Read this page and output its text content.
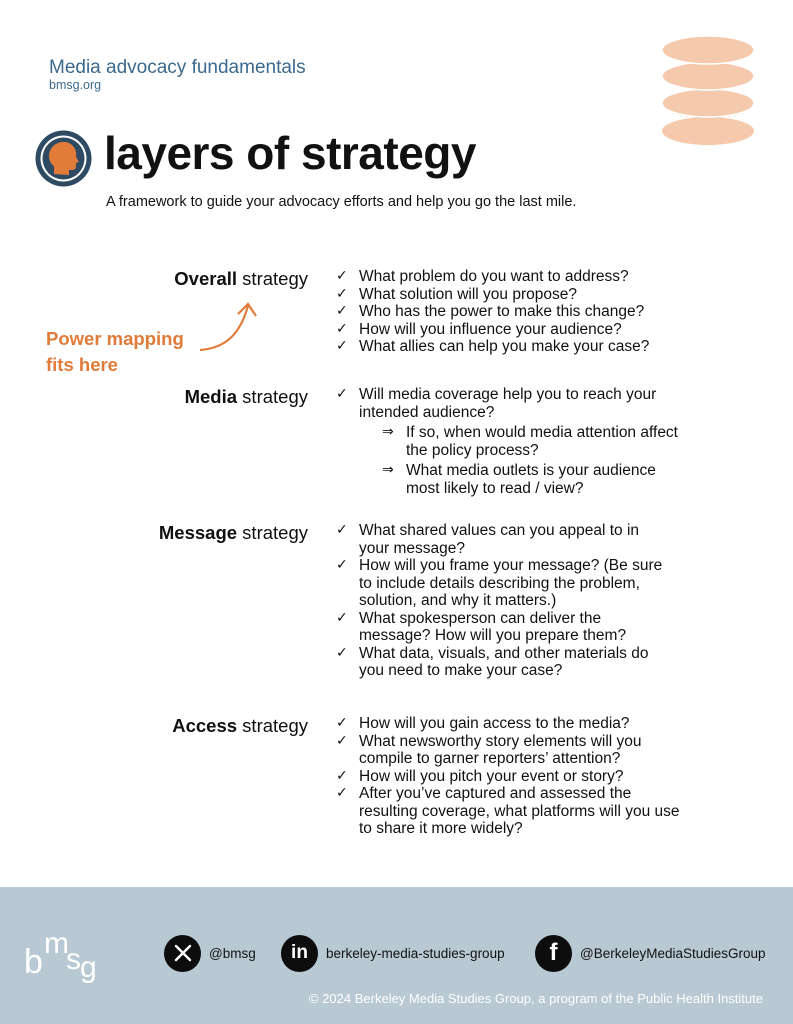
Media advocacy fundamentals
bmsg.org
layers of strategy
A framework to guide your advocacy efforts and help you go the last mile.
Overall strategy	✓ What problem do you want to address?
✓ What solution will you propose?
✓ Who has the power to make this change?
✓ How will you influence your audience?
✓ What allies can help you make your case?
Power mapping
fits here
Media strategy	✓ Will media coverage help you to reach your
intended audience?
⇒ If so, when would media attention affect
the policy process?
⇒ What media outlets is your audience
most likely to read / view?
Message strategy	✓ What shared values can you appeal to in
your message?
✓ How will you frame your message? (Be sure
to include details describing the problem,
solution, and why it matters.)
✓ What spokesperson can deliver the
message? How will you prepare them?
✓ What data, visuals, and other materials do
you need to make your case?
Access strategy	✓ How will you gain access to the media?
✓ What newsworthy story elements will you
compile to garner reporters’ attention?
✓ How will you pitch your event or story?
✓ After you’ve captured and assessed the
resulting coverage, what platforms will you use
to share it more widely?
b m
s g	@bmsg in berkeley-media-studies-group f @BerkeleyMediaStudiesGroup
© 2024 Berkeley Media Studies Group, a program of the Public Health Institute
